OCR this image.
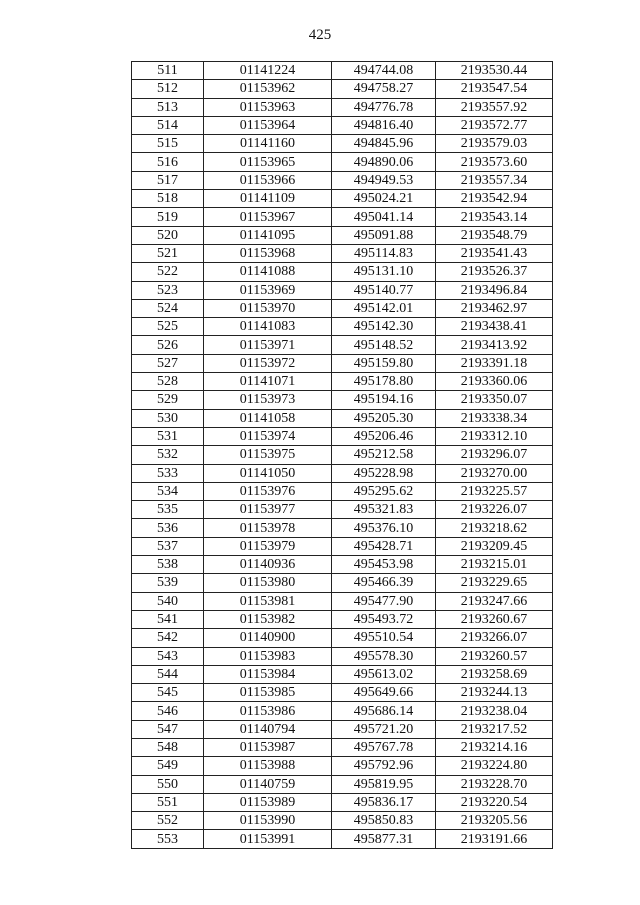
425
511	01141224	494744.08	2193530.44
512	01153962	494758.27	2193547.54
513	01153963	494776.78	2193557.92
514	01153964	494816.40	2193572.77
515	01141160	494845.96	2193579.03
516	01153965	494890.06	2193573.60
517	01153966	494949.53	2193557.34
518	01141109	495024.21	2193542.94
519	01153967	495041.14	2193543.14
520	01141095	495091.88	2193548.79
521	01153968	495114.83	2193541.43
522	01141088	495131.10	2193526.37
523	01153969	495140.77	2193496.84
524	01153970	495142.01	2193462.97
525	01141083	495142.30	2193438.41
526	01153971	495148.52	2193413.92
527	01153972	495159.80	2193391.18
528	01141071	495178.80	2193360.06
529	01153973	495194.16	2193350.07
530	01141058	495205.30	2193338.34
531	01153974	495206.46	2193312.10
532	01153975	495212.58	2193296.07
533	01141050	495228.98	2193270.00
534	01153976	495295.62	2193225.57
535	01153977	495321.83	2193226.07
536	01153978	495376.10	2193218.62
537	01153979	495428.71	2193209.45
538	01140936	495453.98	2193215.01
539	01153980	495466.39	2193229.65
540	01153981	495477.90	2193247.66
541	01153982	495493.72	2193260.67
542	01140900	495510.54	2193266.07
543	01153983	495578.30	2193260.57
544	01153984	495613.02	2193258.69
545	01153985	495649.66	2193244.13
546	01153986	495686.14	2193238.04
547	01140794	495721.20	2193217.52
548	01153987	495767.78	2193214.16
549	01153988	495792.96	2193224.80
550	01140759	495819.95	2193228.70
551	01153989	495836.17	2193220.54
552	01153990	495850.83	2193205.56
553	01153991	495877.31	2193191.66
